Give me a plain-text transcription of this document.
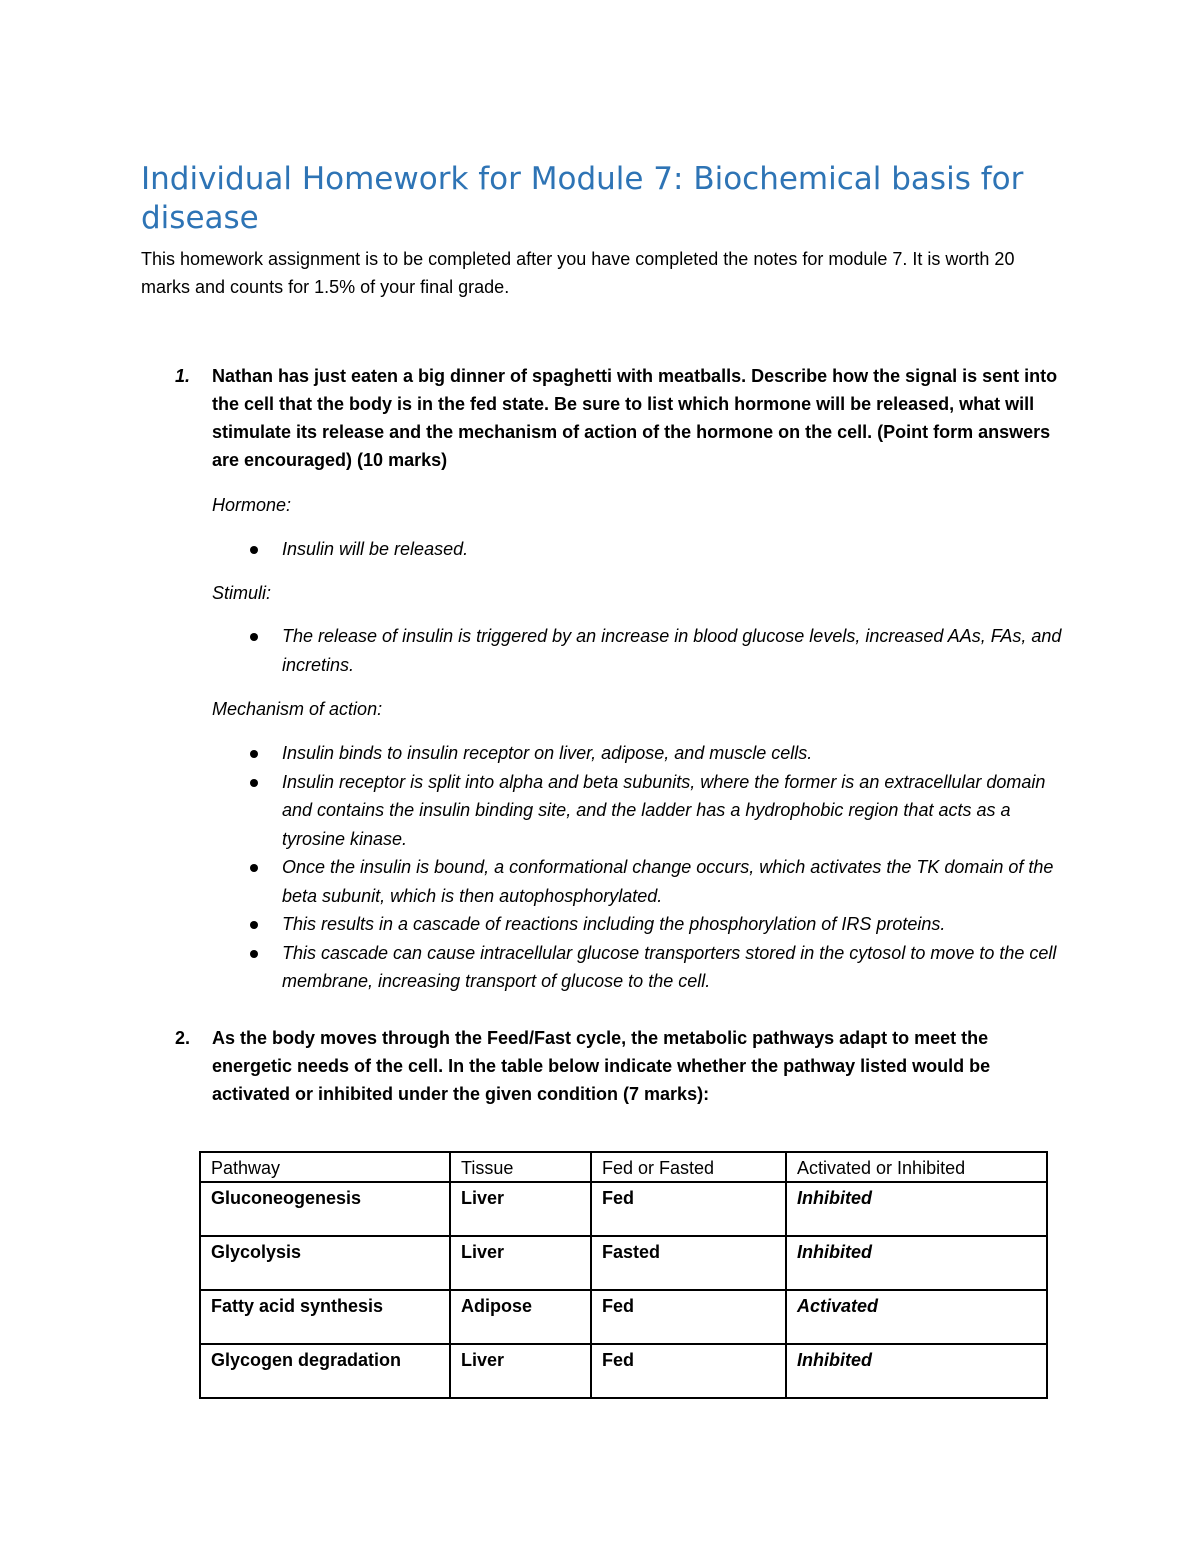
Individual Homework for Module 7: Biochemical basis for disease

This homework assignment is to be completed after you have completed the notes for module 7. It is worth 20 marks and counts for 1.5% of your final grade.

1. Nathan has just eaten a big dinner of spaghetti with meatballs. Describe how the signal is sent into the cell that the body is in the fed state. Be sure to list which hormone will be released, what will stimulate its release and the mechanism of action of the hormone on the cell. (Point form answers are encouraged) (10 marks)

Hormone:

Insulin will be released.

Stimuli:

The release of insulin is triggered by an increase in blood glucose levels, increased AAs, FAs, and incretins.

Mechanism of action:

Insulin binds to insulin receptor on liver, adipose, and muscle cells.
Insulin receptor is split into alpha and beta subunits, where the former is an extracellular domain and contains the insulin binding site, and the ladder has a hydrophobic region that acts as a tyrosine kinase.
Once the insulin is bound, a conformational change occurs, which activates the TK domain of the beta subunit, which is then autophosphorylated.
This results in a cascade of reactions including the phosphorylation of IRS proteins.
This cascade can cause intracellular glucose transporters stored in the cytosol to move to the cell membrane, increasing transport of glucose to the cell.
2. As the body moves through the Feed/Fast cycle, the metabolic pathways adapt to meet the energetic needs of the cell. In the table below indicate whether the pathway listed would be activated or inhibited under the given condition (7 marks):

Pathway	Tissue	Fed or Fasted	Activated or Inhibited
Gluconeogenesis	Liver	Fed	Inhibited
Glycolysis	Liver	Fasted	Inhibited
Fatty acid synthesis	Adipose	Fed	Activated
Glycogen degradation	Liver	Fed	Inhibited
